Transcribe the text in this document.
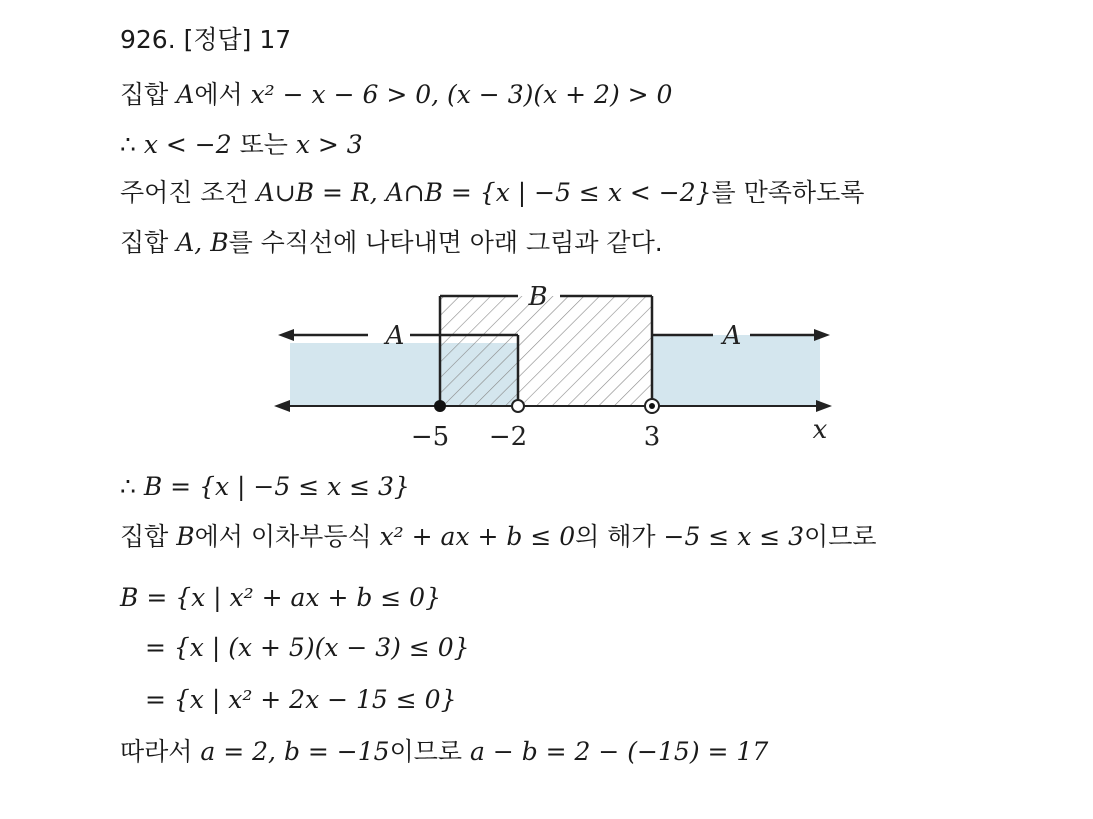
926. [정답] 17
집합 A에서 x² − x − 6 > 0, (x − 3)(x + 2) > 0
∴ x < −2 또는 x > 3
주어진 조건 A∪B = R, A∩B = {x | −5 ≤ x < −2}를 만족하도록
집합 A, B를 수직선에 나타내면 아래 그림과 같다.
A
B
A
−5 −2	3	x
∴ B = {x | −5 ≤ x ≤ 3}
집합 B에서 이차부등식 x² + ax + b ≤ 0의 해가 −5 ≤ x ≤ 3이므로
B = {x | x² + ax + b ≤ 0}
= {x | (x + 5)(x − 3) ≤ 0}
= {x | x² + 2x − 15 ≤ 0}
따라서 a = 2, b = −15이므로 a − b = 2 − (−15) = 17
